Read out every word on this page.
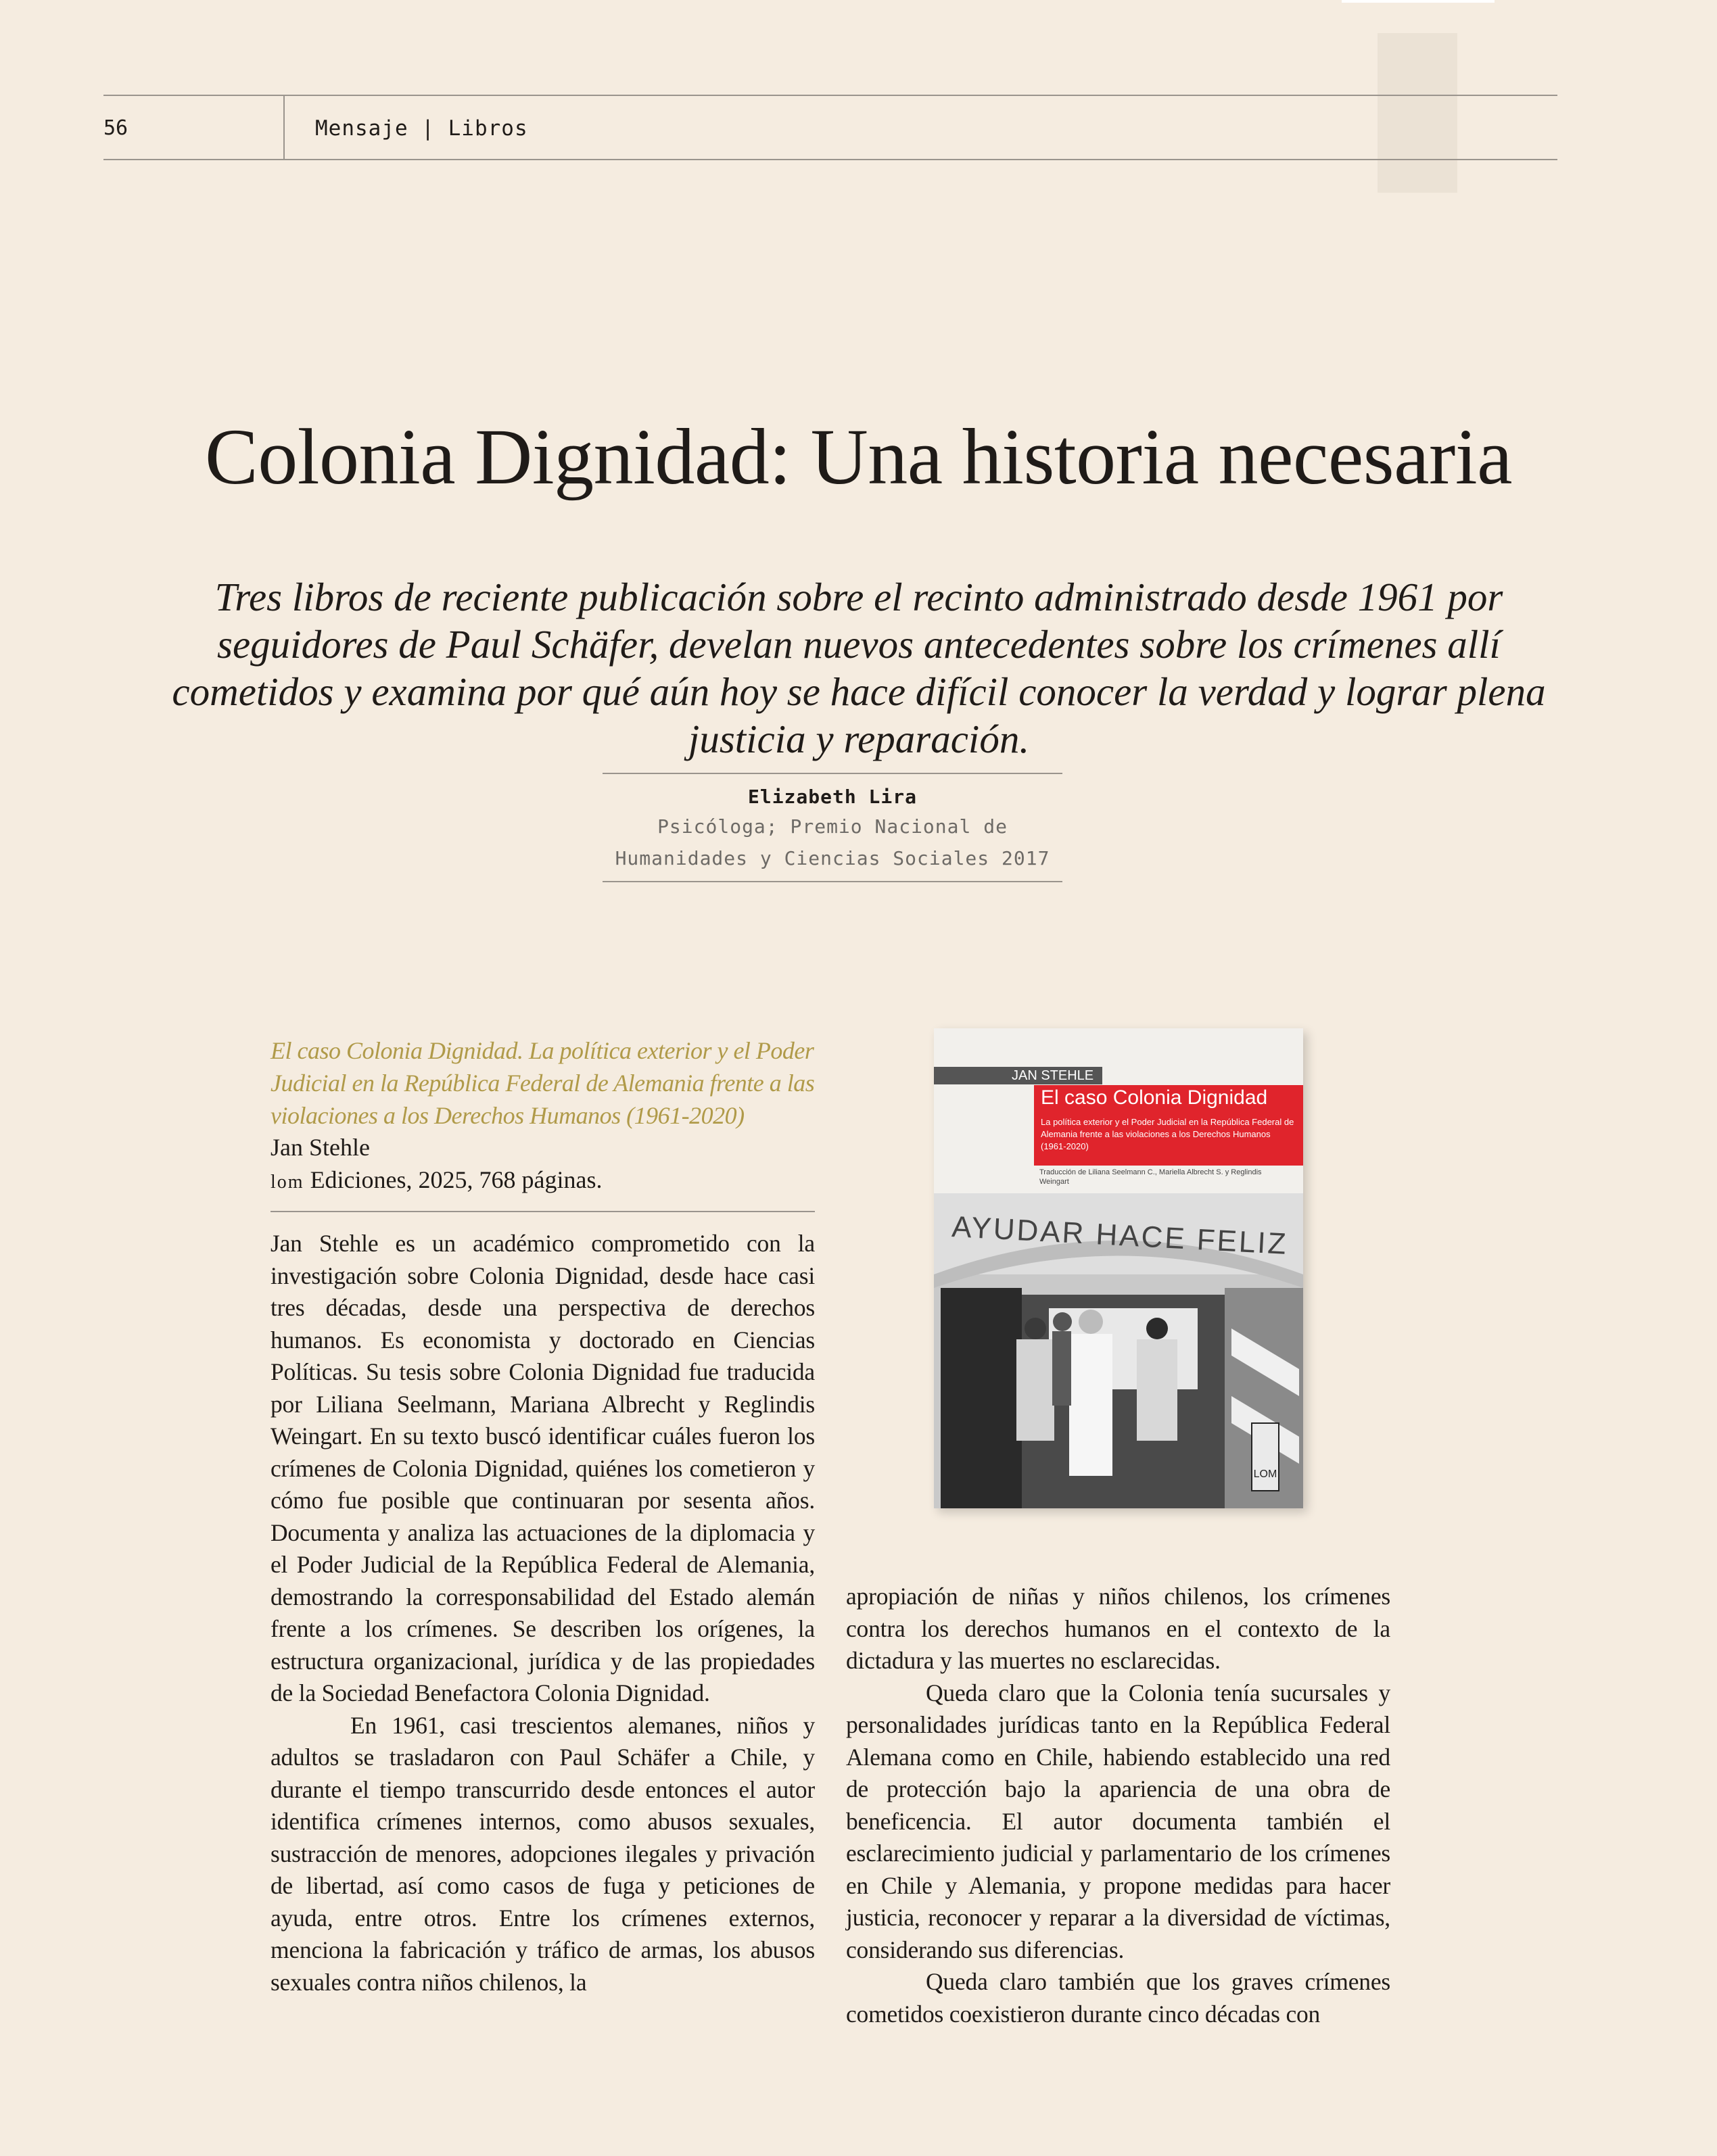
56	Mensaje | Libros
Colonia Dignidad: Una historia necesaria
Tres libros de reciente publicación sobre el recinto administrado desde 1961 por seguidores de Paul Schäfer, develan nuevos antecedentes sobre los crímenes allí cometidos y examina por qué aún hoy se hace difícil conocer la verdad y lograr plena justicia y reparación.
Elizabeth Lira
Psicóloga; Premio Nacional de
Humanidades y Ciencias Sociales 2017
El caso Colonia Dignidad. La política exterior y el Poder Judicial en la República Federal de Alemania frente a las violaciones a los Derechos Humanos (1961-2020)
Jan Stehle
lom Ediciones, 2025, 768 páginas.
JAN STEHLE
El caso Colonia Dignidad
La política exterior y el Poder Judicial en la República Federal de Alemania frente a las violaciones a los Derechos Humanos (1961-2020)
Traducción de Liliana Seelmann C., Mariella Albrecht S. y Reglindis Weingart
LOM
AYUDAR HACE FELIZ

Jan Stehle es un académico comprometido con la investigación sobre Colonia Dignidad, desde hace casi tres décadas, desde una perspectiva de derechos humanos. Es economista y doctorado en Ciencias Políticas. Su tesis sobre Colonia Dignidad fue traducida por Liliana Seelmann, Mariana Albrecht y Reglindis Weingart. En su texto buscó identificar cuáles fueron los crímenes de Colonia Dignidad, quiénes los cometieron y cómo fue posible que continuaran por sesenta años. Documenta y analiza las actuaciones de la diplomacia y el Poder Judicial de la República Federal de Alemania, demostrando la corresponsabilidad del Estado alemán frente a los crímenes. Se describen los orígenes, la estructura organizacional, jurídica y de las propiedades de la Sociedad Benefactora Colonia Dignidad.

En 1961, casi trescientos alemanes, niños y adultos se trasladaron con Paul Schäfer a Chile, y durante el tiempo transcurrido desde entonces el autor identifica crímenes internos, como abusos sexuales, sustracción de menores, adopciones ilegales y privación de libertad, así como casos de fuga y peticiones de ayuda, entre otros. Entre los crímenes externos, menciona la fabricación y tráfico de armas, los abusos sexuales contra niños chilenos, la

apropiación de niñas y niños chilenos, los crímenes contra los derechos humanos en el contexto de la dictadura y las muertes no esclarecidas.

Queda claro que la Colonia tenía sucursales y personalidades jurídicas tanto en la República Federal Alemana como en Chile, habiendo establecido una red de protección bajo la apariencia de una obra de beneficencia. El autor documenta también el esclarecimiento judicial y parlamentario de los crímenes en Chile y Alemania, y propone medidas para hacer justicia, reconocer y reparar a la diversidad de víctimas, considerando sus diferencias.

Queda claro también que los graves crímenes cometidos coexistieron durante cinco décadas con
